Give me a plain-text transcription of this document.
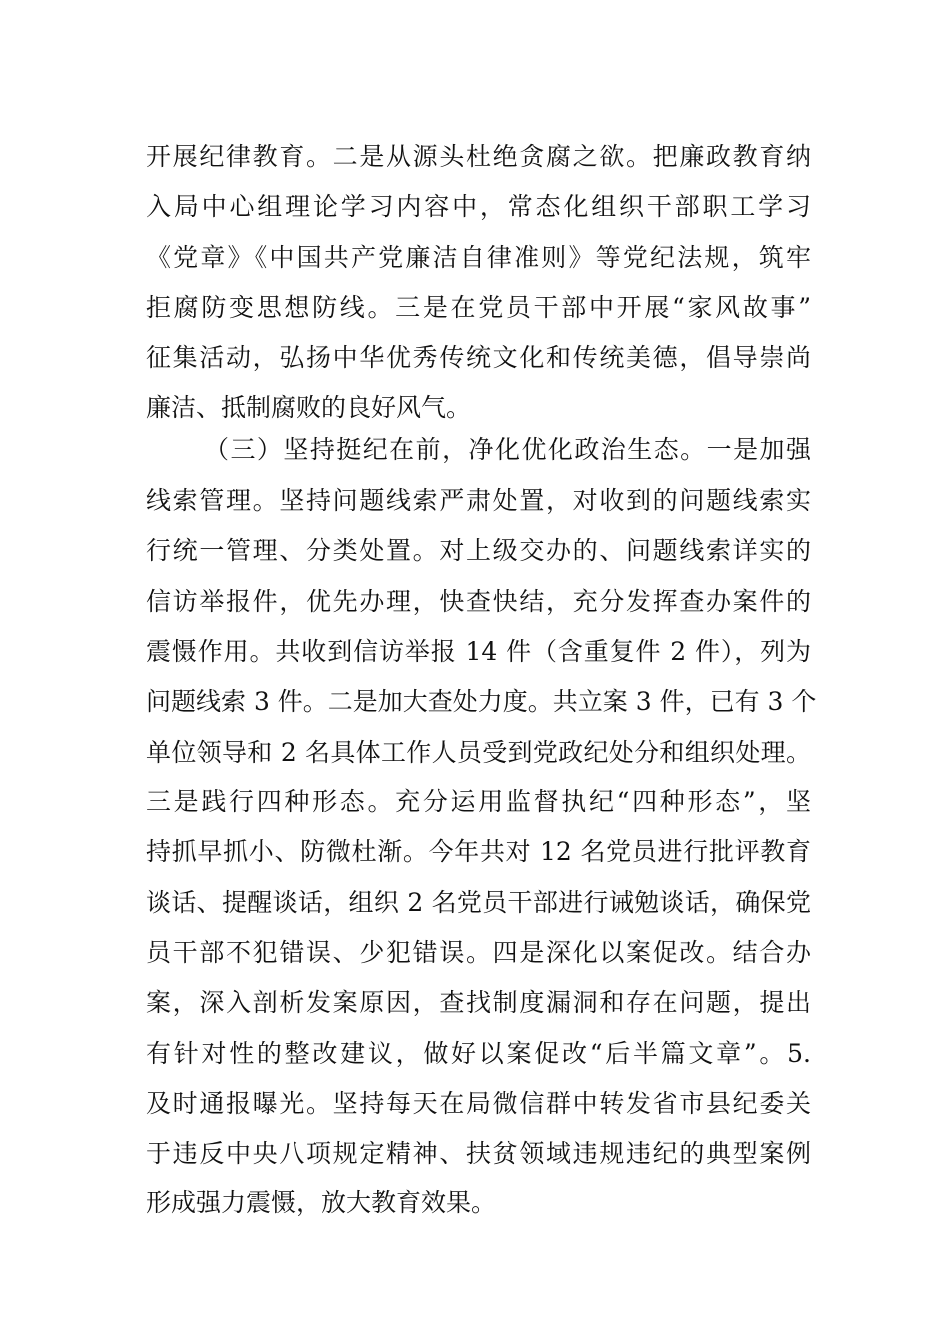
开展纪律教育。二是从源头杜绝贪腐之欲。把廉政教育纳
入局中心组理论学习内容中，常态化组织干部职工学习
《党章》《中国共产党廉洁自律准则》等党纪法规，筑牢
拒腐防变思想防线。三是在党员干部中开展“家风故事”
征集活动，弘扬中华优秀传统文化和传统美德，倡导崇尚
廉洁、抵制腐败的良好风气。
（三）坚持挺纪在前，净化优化政治生态。一是加强
线索管理。坚持问题线索严肃处置，对收到的问题线索实
行统一管理、分类处置。对上级交办的、问题线索详实的
信访举报件，优先办理，快查快结，充分发挥查办案件的
震慑作用。共收到信访举报 14 件（含重复件 2 件），列为
问题线索 3 件。二是加大查处力度。共立案 3 件，已有 3 个
单位领导和 2 名具体工作人员受到党政纪处分和组织处理。
三是践行四种形态。充分运用监督执纪“四种形态”，坚
持抓早抓小、防微杜渐。今年共对 12 名党员进行批评教育
谈话、提醒谈话，组织 2 名党员干部进行诫勉谈话，确保党
员干部不犯错误、少犯错误。四是深化以案促改。结合办
案，深入剖析发案原因，查找制度漏洞和存在问题，提出
有针对性的整改建议，做好以案促改“后半篇文章”。5.
及时通报曝光。坚持每天在局微信群中转发省市县纪委关
于违反中央八项规定精神、扶贫领域违规违纪的典型案例
形成强力震慑，放大教育效果。
